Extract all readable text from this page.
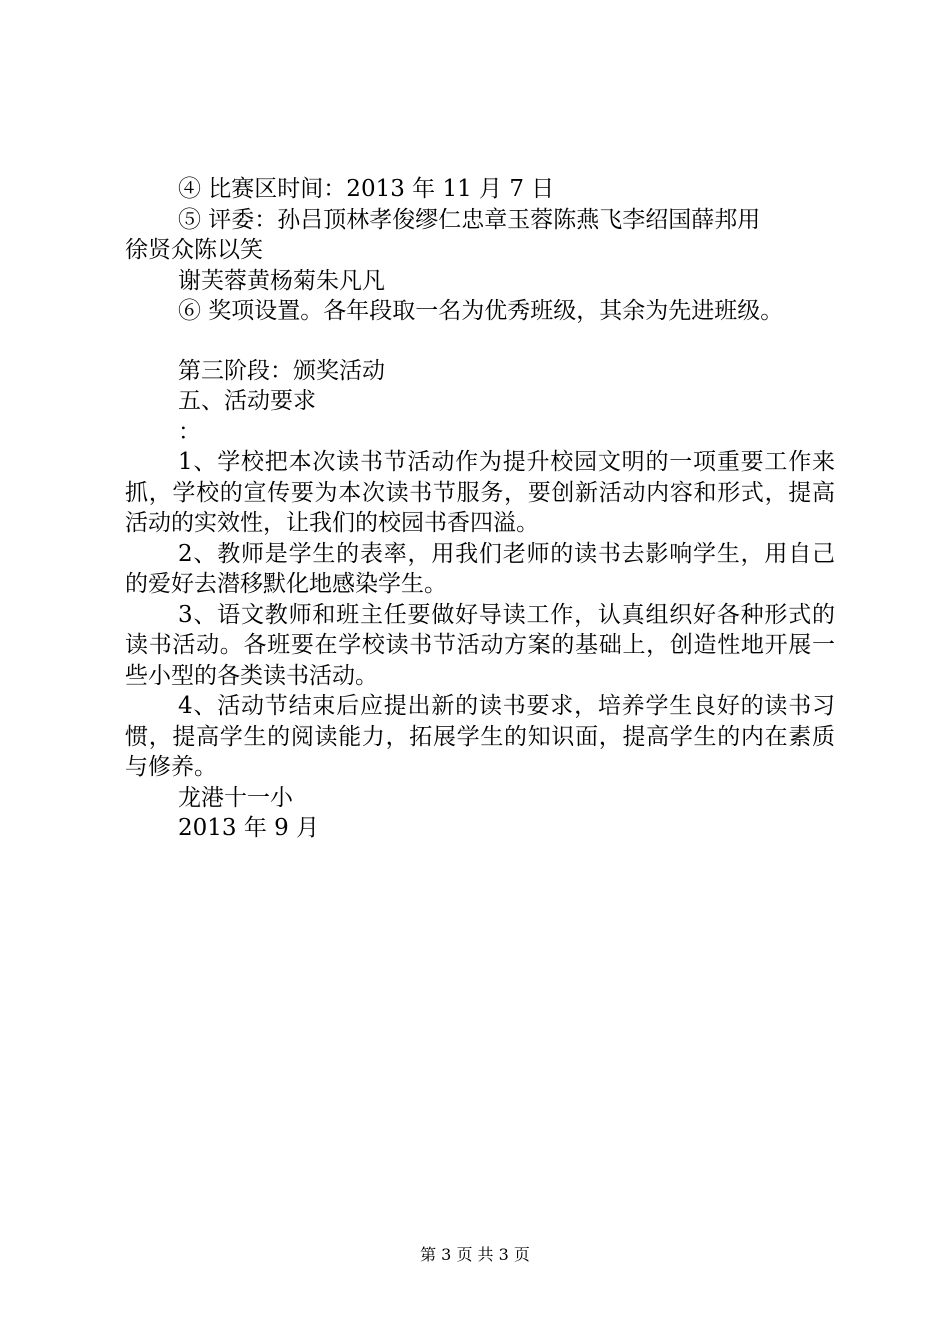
④ 比赛区时间：2013 年 11 月 7 日
⑤ 评委：孙吕顶林孝俊缪仁忠章玉蓉陈燕飞李绍国薛邦用
徐贤众陈以笑
谢芙蓉黄杨菊朱凡凡
⑥ 奖项设置。各年段取一名为优秀班级，其余为先进班级。
第三阶段：颁奖活动
五、活动要求
：
1、学校把本次读书节活动作为提升校园文明的一项重要工作来抓，学校的宣传要为本次读书节服务，要创新活动内容和形式，提高活动的实效性，让我们的校园书香四溢。
2、教师是学生的表率，用我们老师的读书去影响学生，用自己的爱好去潜移默化地感染学生。
3、语文教师和班主任要做好导读工作，认真组织好各种形式的读书活动。各班要在学校读书节活动方案的基础上，创造性地开展一些小型的各类读书活动。
4、活动节结束后应提出新的读书要求，培养学生良好的读书习惯，提高学生的阅读能力，拓展学生的知识面，提高学生的内在素质与修养。
龙港十一小
2013 年 9 月
第 3 页 共 3 页
